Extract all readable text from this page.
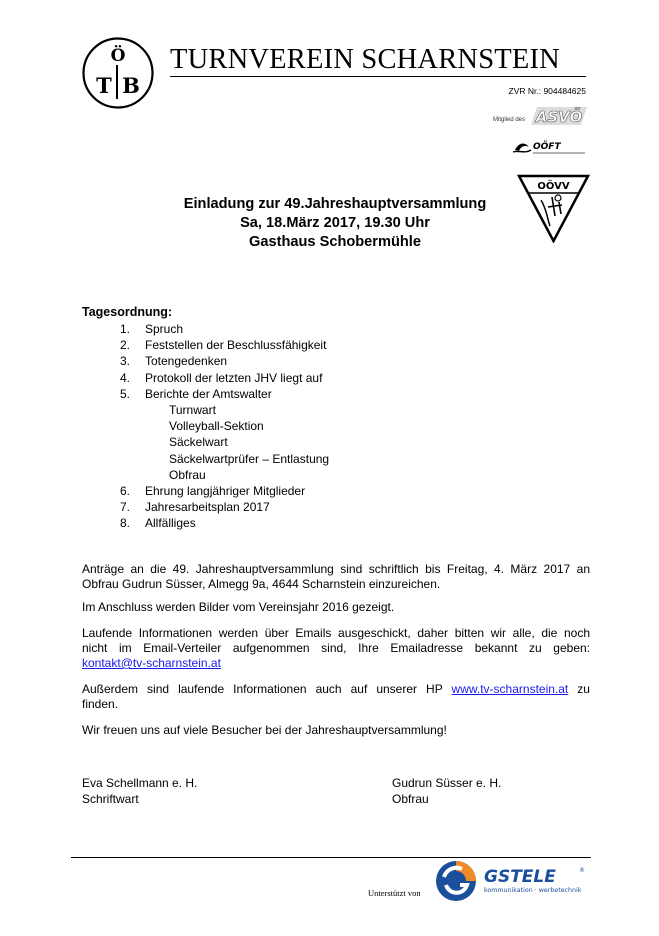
Ö
T B
TURNVEREIN SCHARNSTEIN
ZVR Nr.: 904484625
Mitglied des ASVÖ
OÖFT
Einladung zur 49.Jahreshauptversammlung
Sa, 18.März 2017, 19.30 Uhr
Gasthaus Schobermühle
OÖVV
Tagesordnung:
1.	Spruch
2.	Feststellen der Beschlussfähigkeit
3.	Totengedenken
4.	Protokoll der letzten JHV liegt auf
5.	Berichte der Amtswalter
Turnwart
Volleyball-Sektion
Säckelwart
Säckelwartprüfer – Entlastung
Obfrau
6.	Ehrung langjähriger Mitglieder
7.	Jahresarbeitsplan 2017
8.	Allfälliges
Anträge an die 49. Jahreshauptversammlung sind schriftlich bis Freitag, 4. März 2017 an
Obfrau Gudrun Süsser, Almegg 9a, 4644 Scharnstein einzureichen.
Im Anschluss werden Bilder vom Vereinsjahr 2016 gezeigt.
Laufende Informationen werden über Emails ausgeschickt, daher bitten wir alle, die noch
nicht im Email-Verteiler aufgenommen sind, Ihre Emailadresse bekannt zu geben:
kontakt@tv-scharnstein.at
Außerdem sind laufende Informationen auch auf unserer HP www.tv-scharnstein.at zu
finden.
Wir freuen uns auf viele Besucher bei der Jahreshauptversammlung!
Eva Schellmann e. H.
Schriftwart
Gudrun Süsser e. H.
Obfrau
Unterstützt von
GSTELE	®
kommunikation · werbetechnik
